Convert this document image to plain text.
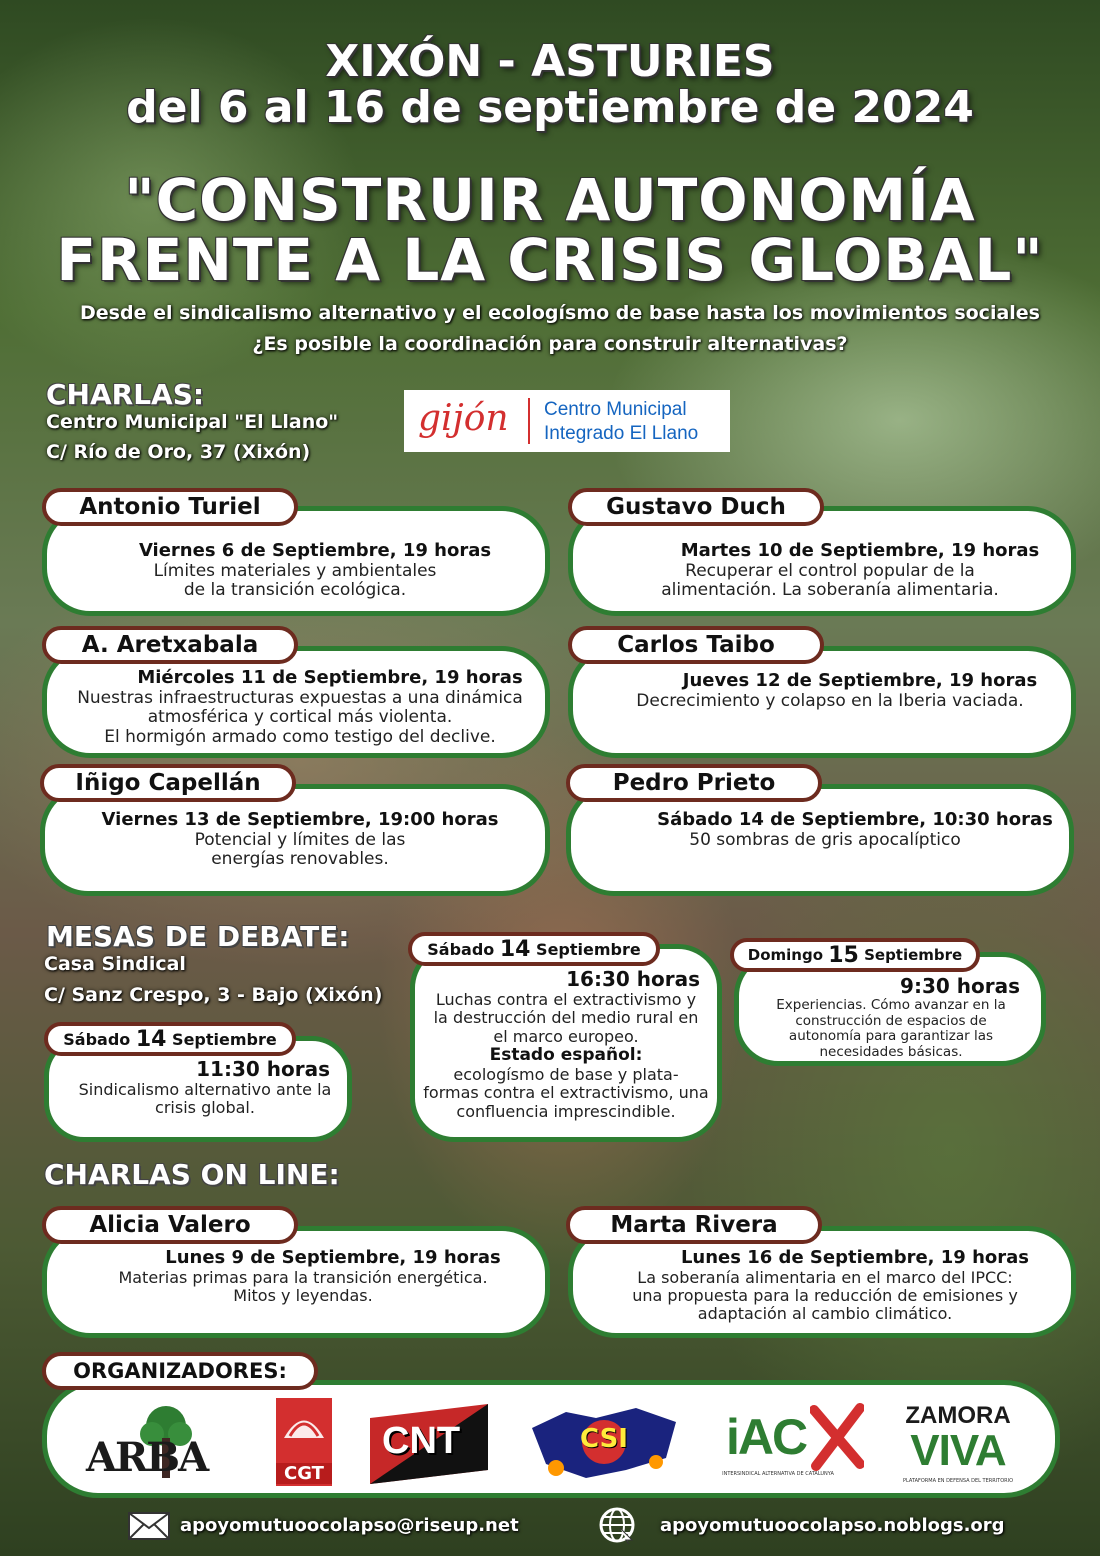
XIXÓN - ASTURIES
del 6 al 16 de septiembre de 2024
"CONSTRUIR AUTONOMÍA
FRENTE A LA CRISIS GLOBAL"
Desde el sindicalismo alternativo y el ecologísmo de base hasta los movimientos sociales
¿Es posible la coordinación para construir alternativas?
CHARLAS:
Centro Municipal "El Llano"
C/ Río de Oro, 37 (Xixón)
gijón Centro Municipal
Integrado El Llano
Antonio Turiel
Viernes 6 de Septiembre, 19 horas
Límites materiales y ambientales
de la transición ecológica.
Gustavo Duch
Martes 10 de Septiembre, 19 horas
Recuperar el control popular de la
alimentación. La soberanía alimentaria.
A. Aretxabala
Miércoles 11 de Septiembre, 19 horas
Nuestras infraestructuras expuestas a una dinámica
atmosférica y cortical más violenta.
El hormigón armado como testigo del declive.
Carlos Taibo
Jueves 12 de Septiembre, 19 horas
Decrecimiento y colapso en la Iberia vaciada.
Iñigo Capellán
Viernes 13 de Septiembre, 19:00 horas
Potencial y límites de las
energías renovables.
Pedro Prieto
Sábado 14 de Septiembre, 10:30 horas
50 sombras de gris apocalíptico
MESAS DE DEBATE:
Casa Sindical
C/ Sanz Crespo, 3 - Bajo (Xixón)
Sábado
14
Septiembre
11:30 horas
Sindicalismo alternativo ante la
crisis global.
Sábado
14
Septiembre
16:30 horas
Luchas contra el extractivismo y
la destrucción del medio rural en
el marco europeo.
Estado español:
ecologísmo de base y plata-
formas contra el extractivismo, una
confluencia imprescindible.
Domingo
15
Septiembre
9:30 horas
Experiencias. Cómo avanzar en la
construcción de espacios de
autonomía para garantizar las
necesidades básicas.
CHARLAS ON LINE:
Alicia Valero
Lunes 9 de Septiembre, 19 horas
Materias primas para la transición energética.
Mitos y leyendas.
Marta Rivera
Lunes 16 de Septiembre, 19 horas
La soberanía alimentaria en el marco del IPCC:
una propuesta para la reducción de emisiones y
adaptación al cambio climático.
ORGANIZADORES:
ARBA	CGT
CNT	CSI iAC
INTERSINDICAL ALTERNATIVA DE CATALUNYA
ZAMORA
VIVA
PLATAFORMA EN DEFENSA DEL TERRITORIO
apoyomutuoocolapso@riseup.net	apoyomutuoocolapso.noblogs.org
